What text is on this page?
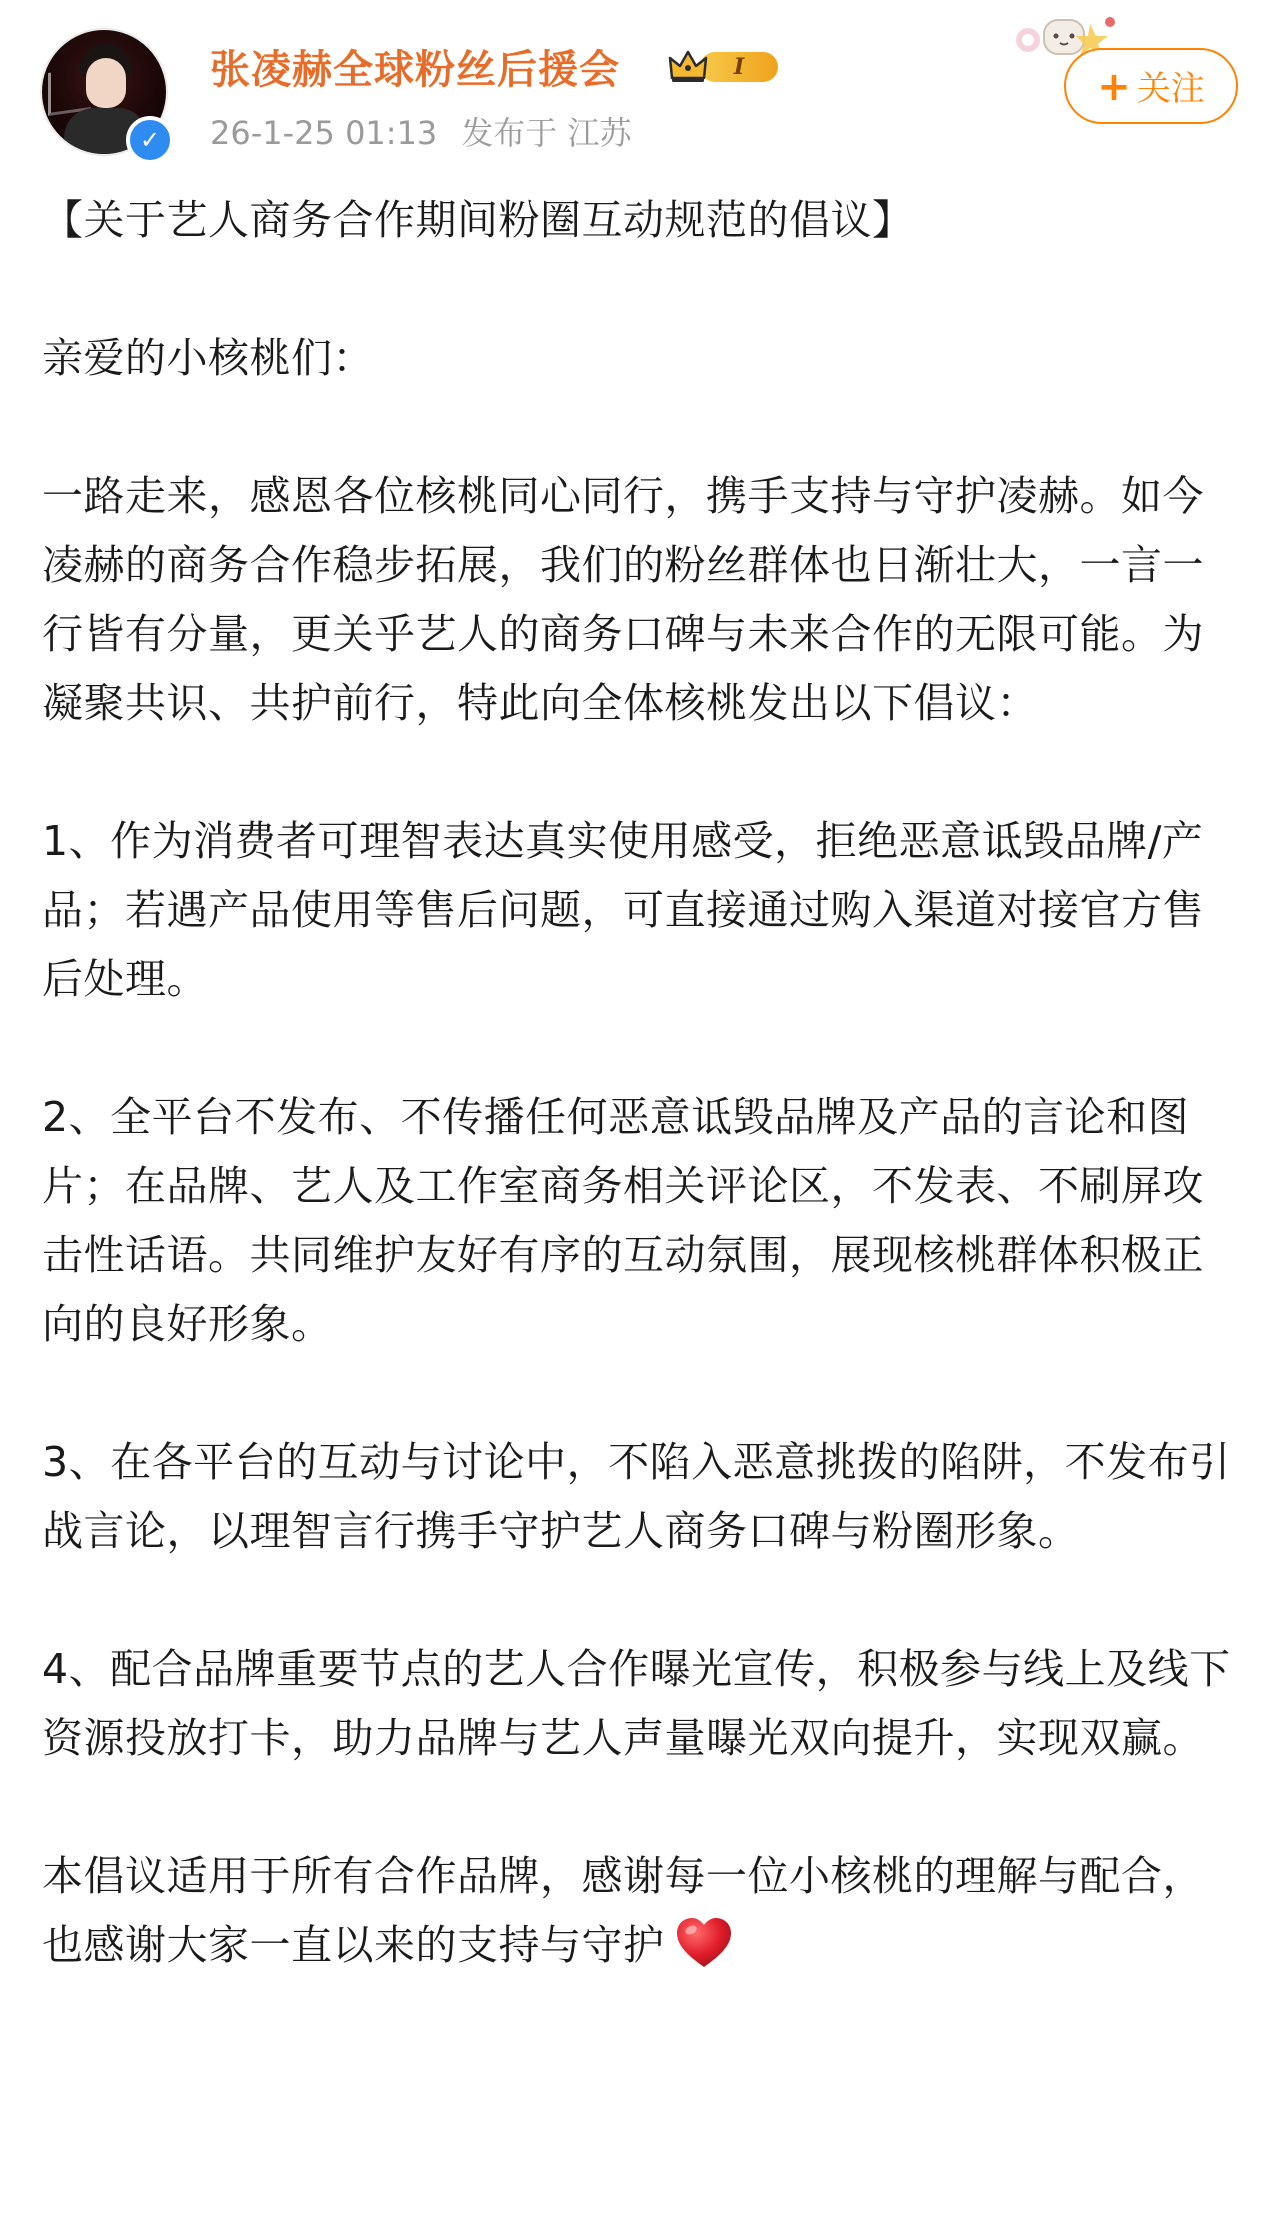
✓
张凌赫全球粉丝后援会	I
26-1-25 01:13 发布于 江苏
+ 关注

【关于艺人商务合作期间粉圈互动规范的倡议】

亲爱的小核桃们：

一路走来，感恩各位核桃同心同行，携手支持与守护凌赫。如今凌赫的商务合作稳步拓展，我们的粉丝群体也日渐壮大，一言一行皆有分量，更关乎艺人的商务口碑与未来合作的无限可能。为凝聚共识、共护前行，特此向全体核桃发出以下倡议：

1、作为消费者可理智表达真实使用感受，拒绝恶意诋毁品牌/产品；若遇产品使用等售后问题，可直接通过购入渠道对接官方售后处理。

2、全平台不发布、不传播任何恶意诋毁品牌及产品的言论和图片；在品牌、艺人及工作室商务相关评论区，不发表、不刷屏攻击性话语。共同维护友好有序的互动氛围，展现核桃群体积极正向的良好形象。

3、在各平台的互动与讨论中，不陷入恶意挑拨的陷阱，不发布引战言论，以理智言行携手守护艺人商务口碑与粉圈形象。

4、配合品牌重要节点的艺人合作曝光宣传，积极参与线上及线下资源投放打卡，助力品牌与艺人声量曝光双向提升，实现双赢。

本倡议适用于所有合作品牌，感谢每一位小核桃的理解与配合，也感谢大家一直以来的支持与守护
